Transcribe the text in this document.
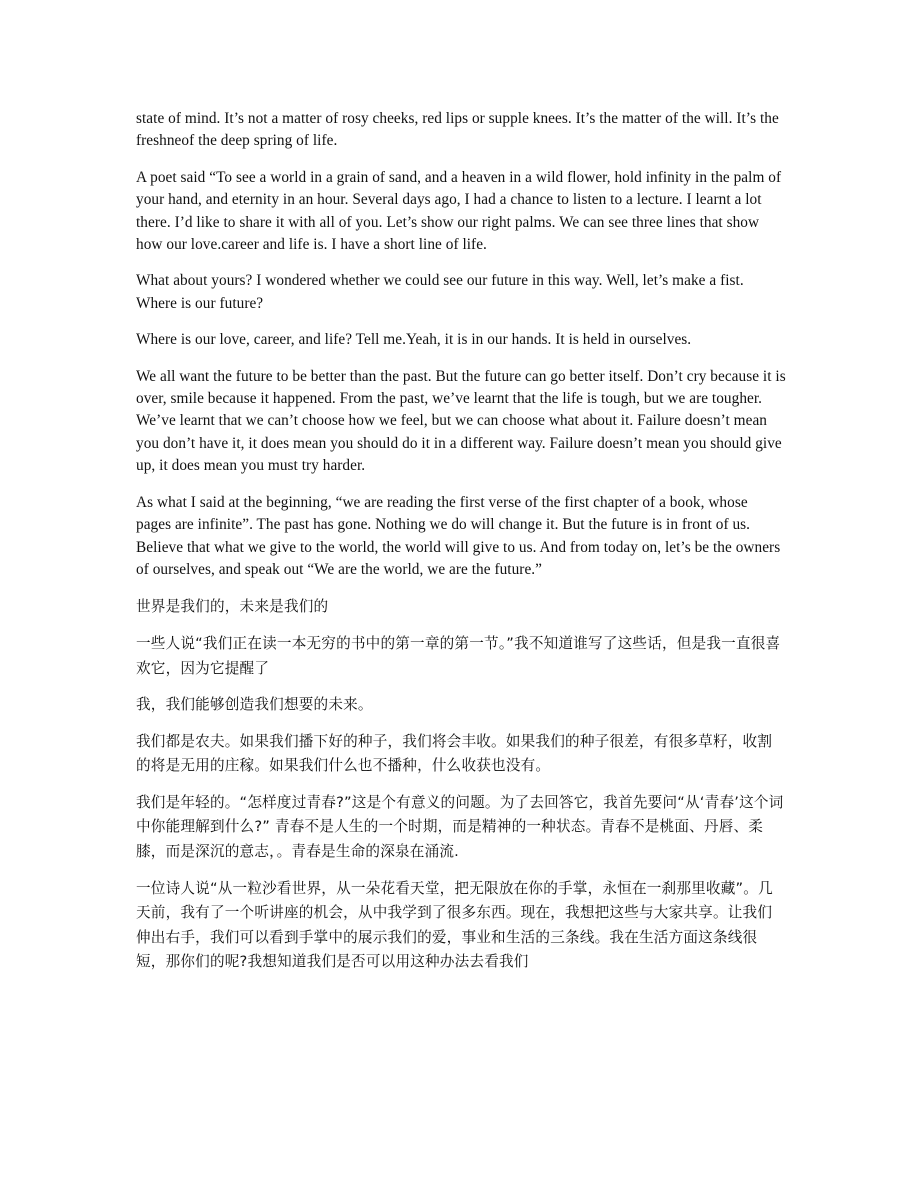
state of mind. It’s not a matter of rosy cheeks, red lips or supple knees. It’s the matter of the will. It’s the freshneof the deep spring of life.

A poet said “To see a world in a grain of sand, and a heaven in a wild flower, hold infinity in the palm of your hand, and eternity in an hour. Several days ago, I had a chance to listen to a lecture. I learnt a lot there. I’d like to share it with all of you. Let’s show our right palms. We can see three lines that show how our love.career and life is. I have a short line of life.

What about yours? I wondered whether we could see our future in this way. Well, let’s make a fist. Where is our future?

Where is our love, career, and life? Tell me.Yeah, it is in our hands. It is held in ourselves.

We all want the future to be better than the past. But the future can go better itself. Don’t cry because it is over, smile because it happened. From the past, we’ve learnt that the life is tough, but we are tougher. We’ve learnt that we can’t choose how we feel, but we can choose what about it. Failure doesn’t mean you don’t have it, it does mean you should do it in a different way. Failure doesn’t mean you should give up, it does mean you must try harder.

As what I said at the beginning, “we are reading the first verse of the first chapter of a book, whose pages are infinite”. The past has gone. Nothing we do will change it. But the future is in front of us. Believe that what we give to the world, the world will give to us. And from today on, let’s be the owners of ourselves, and speak out “We are the world, we are the future.”

世界是我们的，未来是我们的

一些人说“我们正在读一本无穷的书中的第一章的第一节。”我不知道谁写了这些话，但是我一直很喜欢它，因为它提醒了

我，我们能够创造我们想要的未来。

我们都是农夫。如果我们播下好的种子，我们将会丰收。如果我们的种子很差，有很多草籽，收割的将是无用的庄稼。如果我们什么也不播种，什么收获也没有。

我们是年轻的。“怎样度过青春?”这是个有意义的问题。为了去回答它，我首先要问“从‘青春’这个词中你能理解到什么?” 青春不是人生的一个时期，而是精神的一种状态。青春不是桃面、丹唇、柔膝，而是深沉的意志，。青春是生命的深泉在涌流.

一位诗人说“从一粒沙看世界，从一朵花看天堂，把无限放在你的手掌，永恒在一刹那里收藏”。几天前，我有了一个听讲座的机会，从中我学到了很多东西。现在，我想把这些与大家共享。让我们伸出右手，我们可以看到手掌中的展示我们的爱，事业和生活的三条线。我在生活方面这条线很短，那你们的呢?我想知道我们是否可以用这种办法去看我们
